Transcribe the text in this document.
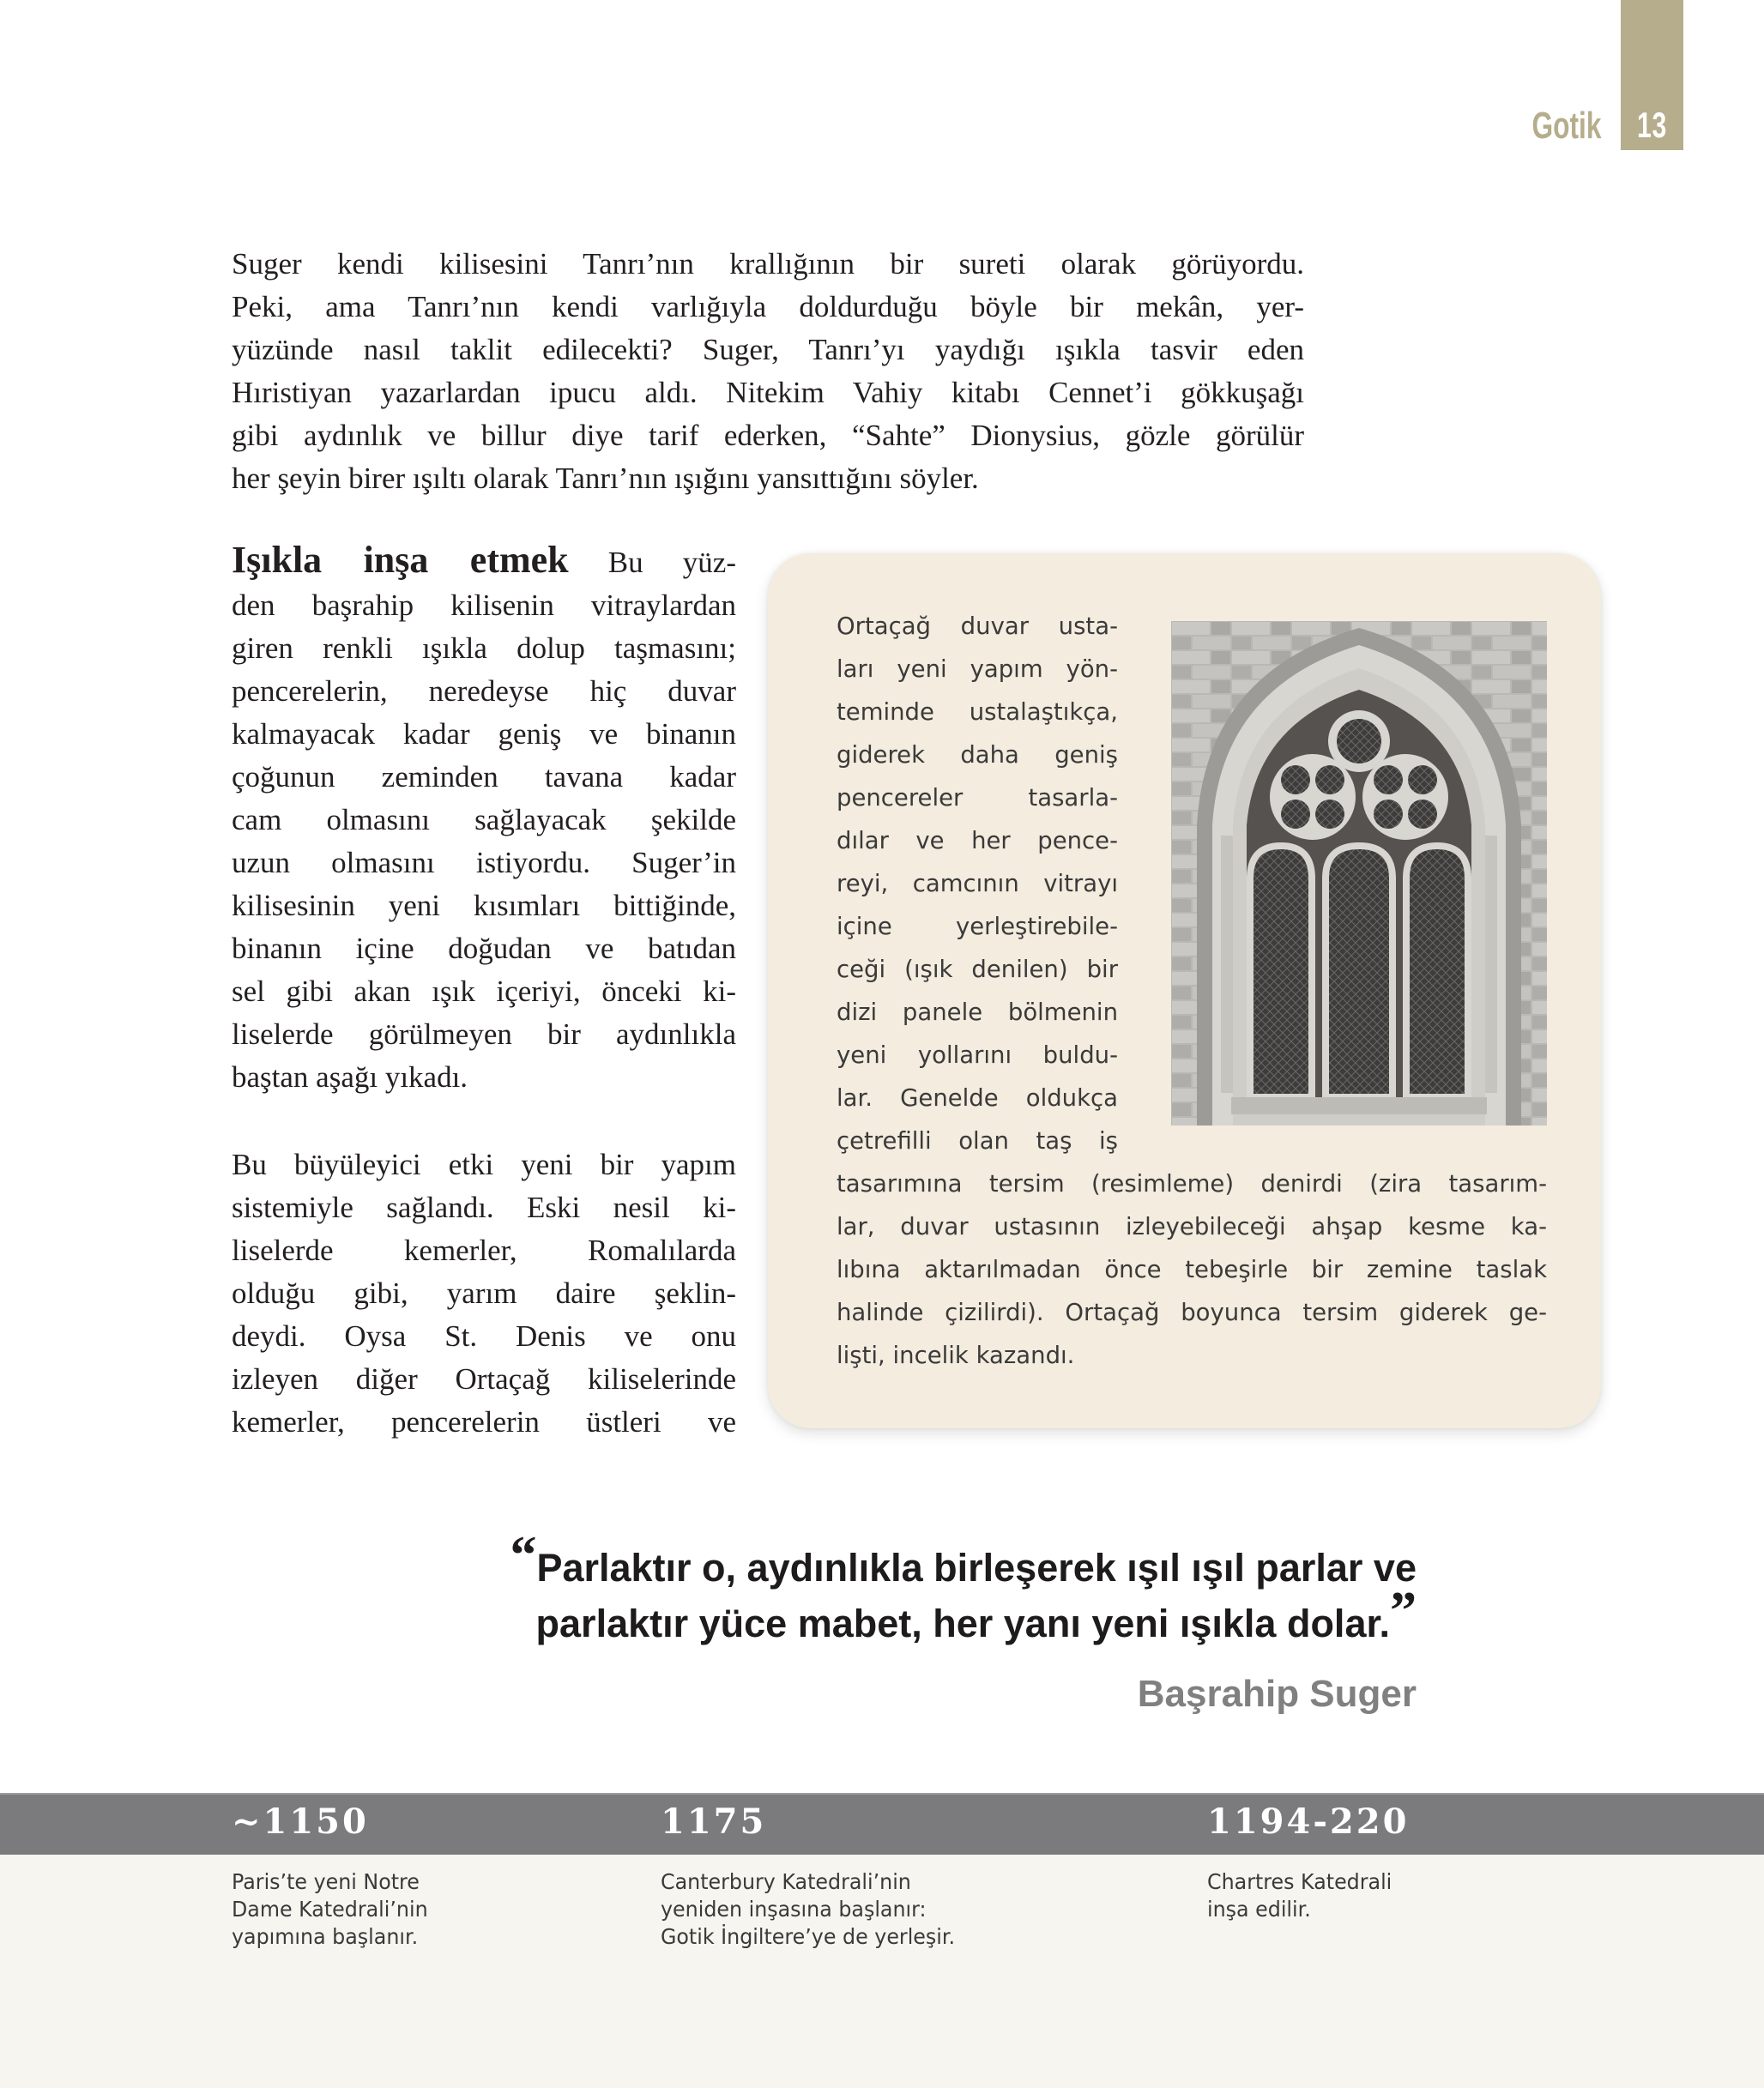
Gotik 13
Suger kendi kilisesini Tanrı’nın krallığının bir sureti olarak görüyordu.
Peki, ama Tanrı’nın kendi varlığıyla doldurduğu böyle bir mekân, yer-
yüzünde nasıl taklit edilecekti? Suger, Tanrı’yı yaydığı ışıkla tasvir eden
Hıristiyan yazarlardan ipucu aldı. Nitekim Vahiy kitabı Cennet’i gökkuşağı
gibi aydınlık ve billur diye tarif ederken, “Sahte” Dionysius, gözle görülür
her şeyin birer ışıltı olarak Tanrı’nın ışığını yansıttığını söyler.
Işıkla inşa etmek Bu yüz-
den başrahip kilisenin vitraylardan
giren renkli ışıkla dolup taşmasını;
pencerelerin, neredeyse hiç duvar
kalmayacak kadar geniş ve binanın
çoğunun zeminden tavana kadar
cam olmasını sağlayacak şekilde
uzun olmasını istiyordu. Suger’in
kilisesinin yeni kısımları bittiğinde,
binanın içine doğudan ve batıdan
sel gibi akan ışık içeriyi, önceki ki-
liselerde görülmeyen bir aydınlıkla
baştan aşağı yıkadı.
Bu büyüleyici etki yeni bir yapım
sistemiyle sağlandı. Eski nesil ki-
liselerde kemerler, Romalılarda
olduğu gibi, yarım daire şeklin-
deydi. Oysa St. Denis ve onu
izleyen diğer Ortaçağ kiliselerinde
kemerler, pencerelerin üstleri ve
Ortaçağ duvar usta-
ları yeni yapım yön-
teminde ustalaştıkça,
giderek daha geniş
pencereler tasarla-
dılar ve her pence-
reyi, camcının vitrayı
içine yerleştirebile-
ceği (ışık denilen) bir
dizi panele bölmenin
yeni yollarını buldu-
lar. Genelde oldukça
çetrefilli olan taş iş
tasarımına tersim (resimleme) denirdi (zira tasarım-
lar, duvar ustasının izleyebileceği ahşap kesme ka-
lıbına aktarılmadan önce tebeşirle bir zemine taslak
halinde çizilirdi). Ortaçağ boyunca tersim giderek ge-
lişti, incelik kazandı.
“Parlaktır o, aydınlıkla birleşerek ışıl ışıl parlar ve
parlaktır yüce mabet, her yanı yeni ışıkla dolar.”
Başrahip Suger
~1150	1175	1194-220
Paris’te yeni Notre
Dame Katedrali’nin
yapımına başlanır.
Canterbury Katedrali’nin
yeniden inşasına başlanır:
Gotik İngiltere’ye de yerleşir.
Chartres Katedrali
inşa edilir.
